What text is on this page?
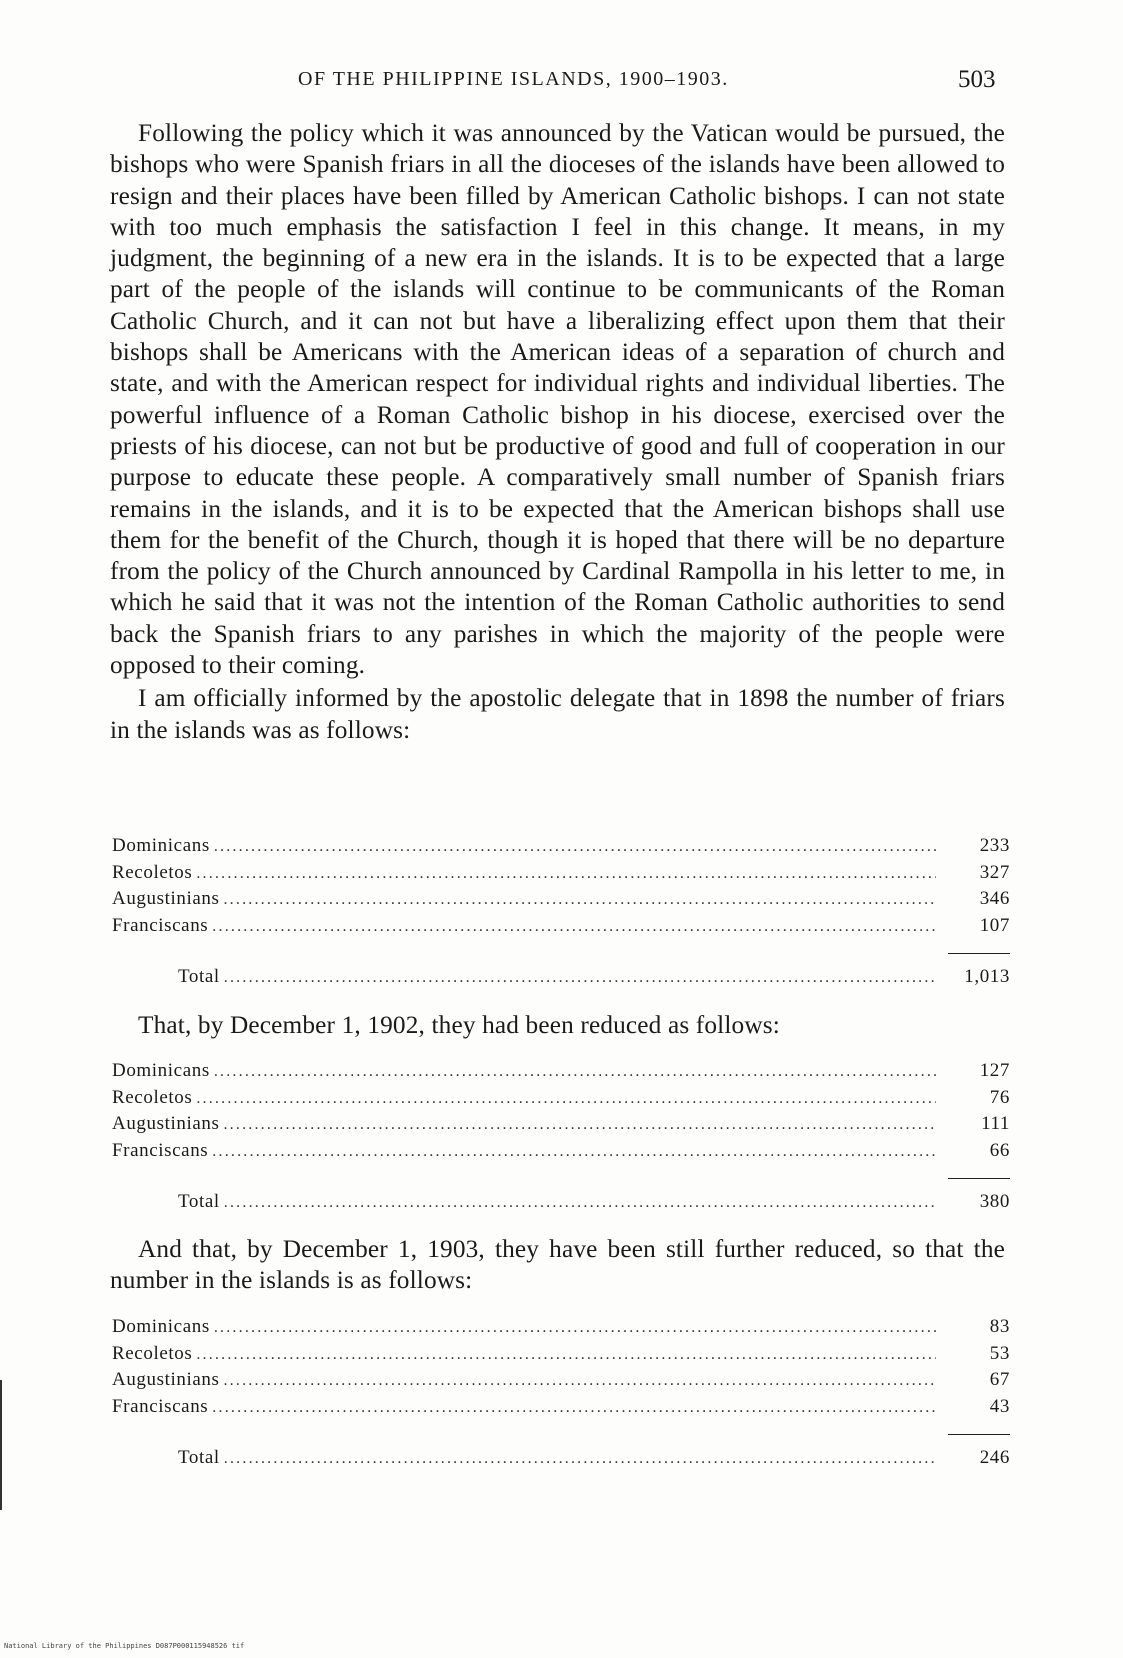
OF THE PHILIPPINE ISLANDS, 1900–1903.	503

Following the policy which it was announced by the Vatican would be pursued, the bishops who were Spanish friars in all the dioceses of the islands have been allowed to resign and their places have been filled by American Catholic bishops. I can not state with too much emphasis the satisfaction I feel in this change. It means, in my judgment, the beginning of a new era in the islands. It is to be expected that a large part of the people of the islands will continue to be communicants of the Roman Catholic Church, and it can not but have a liberalizing effect upon them that their bishops shall be Americans with the American ideas of a separation of church and state, and with the American respect for individual rights and individual liberties. The powerful influence of a Roman Catholic bishop in his diocese, exercised over the priests of his diocese, can not but be productive of good and full of cooperation in our purpose to educate these people. A comparatively small number of Spanish friars remains in the islands, and it is to be expected that the American bishops shall use them for the benefit of the Church, though it is hoped that there will be no departure from the policy of the Church announced by Cardinal Rampolla in his letter to me, in which he said that it was not the intention of the Roman Catholic authorities to send back the Spanish friars to any parishes in which the majority of the people were opposed to their coming.

I am officially informed by the apostolic delegate that in 1898 the number of friars in the islands was as follows:

Dominicans .....	233
Recoletos .....	327
Augustinians .....	346
Franciscans .....	107
Total .....	1,013

That, by December 1, 1902, they had been reduced as follows:

Dominicans .....	127
Recoletos .....	76
Augustinians .....	111
Franciscans .....	66
Total .....	380

And that, by December 1, 1903, they have been still further reduced, so that the number in the islands is as follows:

Dominicans .....	83
Recoletos .....	53
Augustinians .....	67
Franciscans .....	43
Total .....	246
National Library of the Philippines D087P000115948526 tif
